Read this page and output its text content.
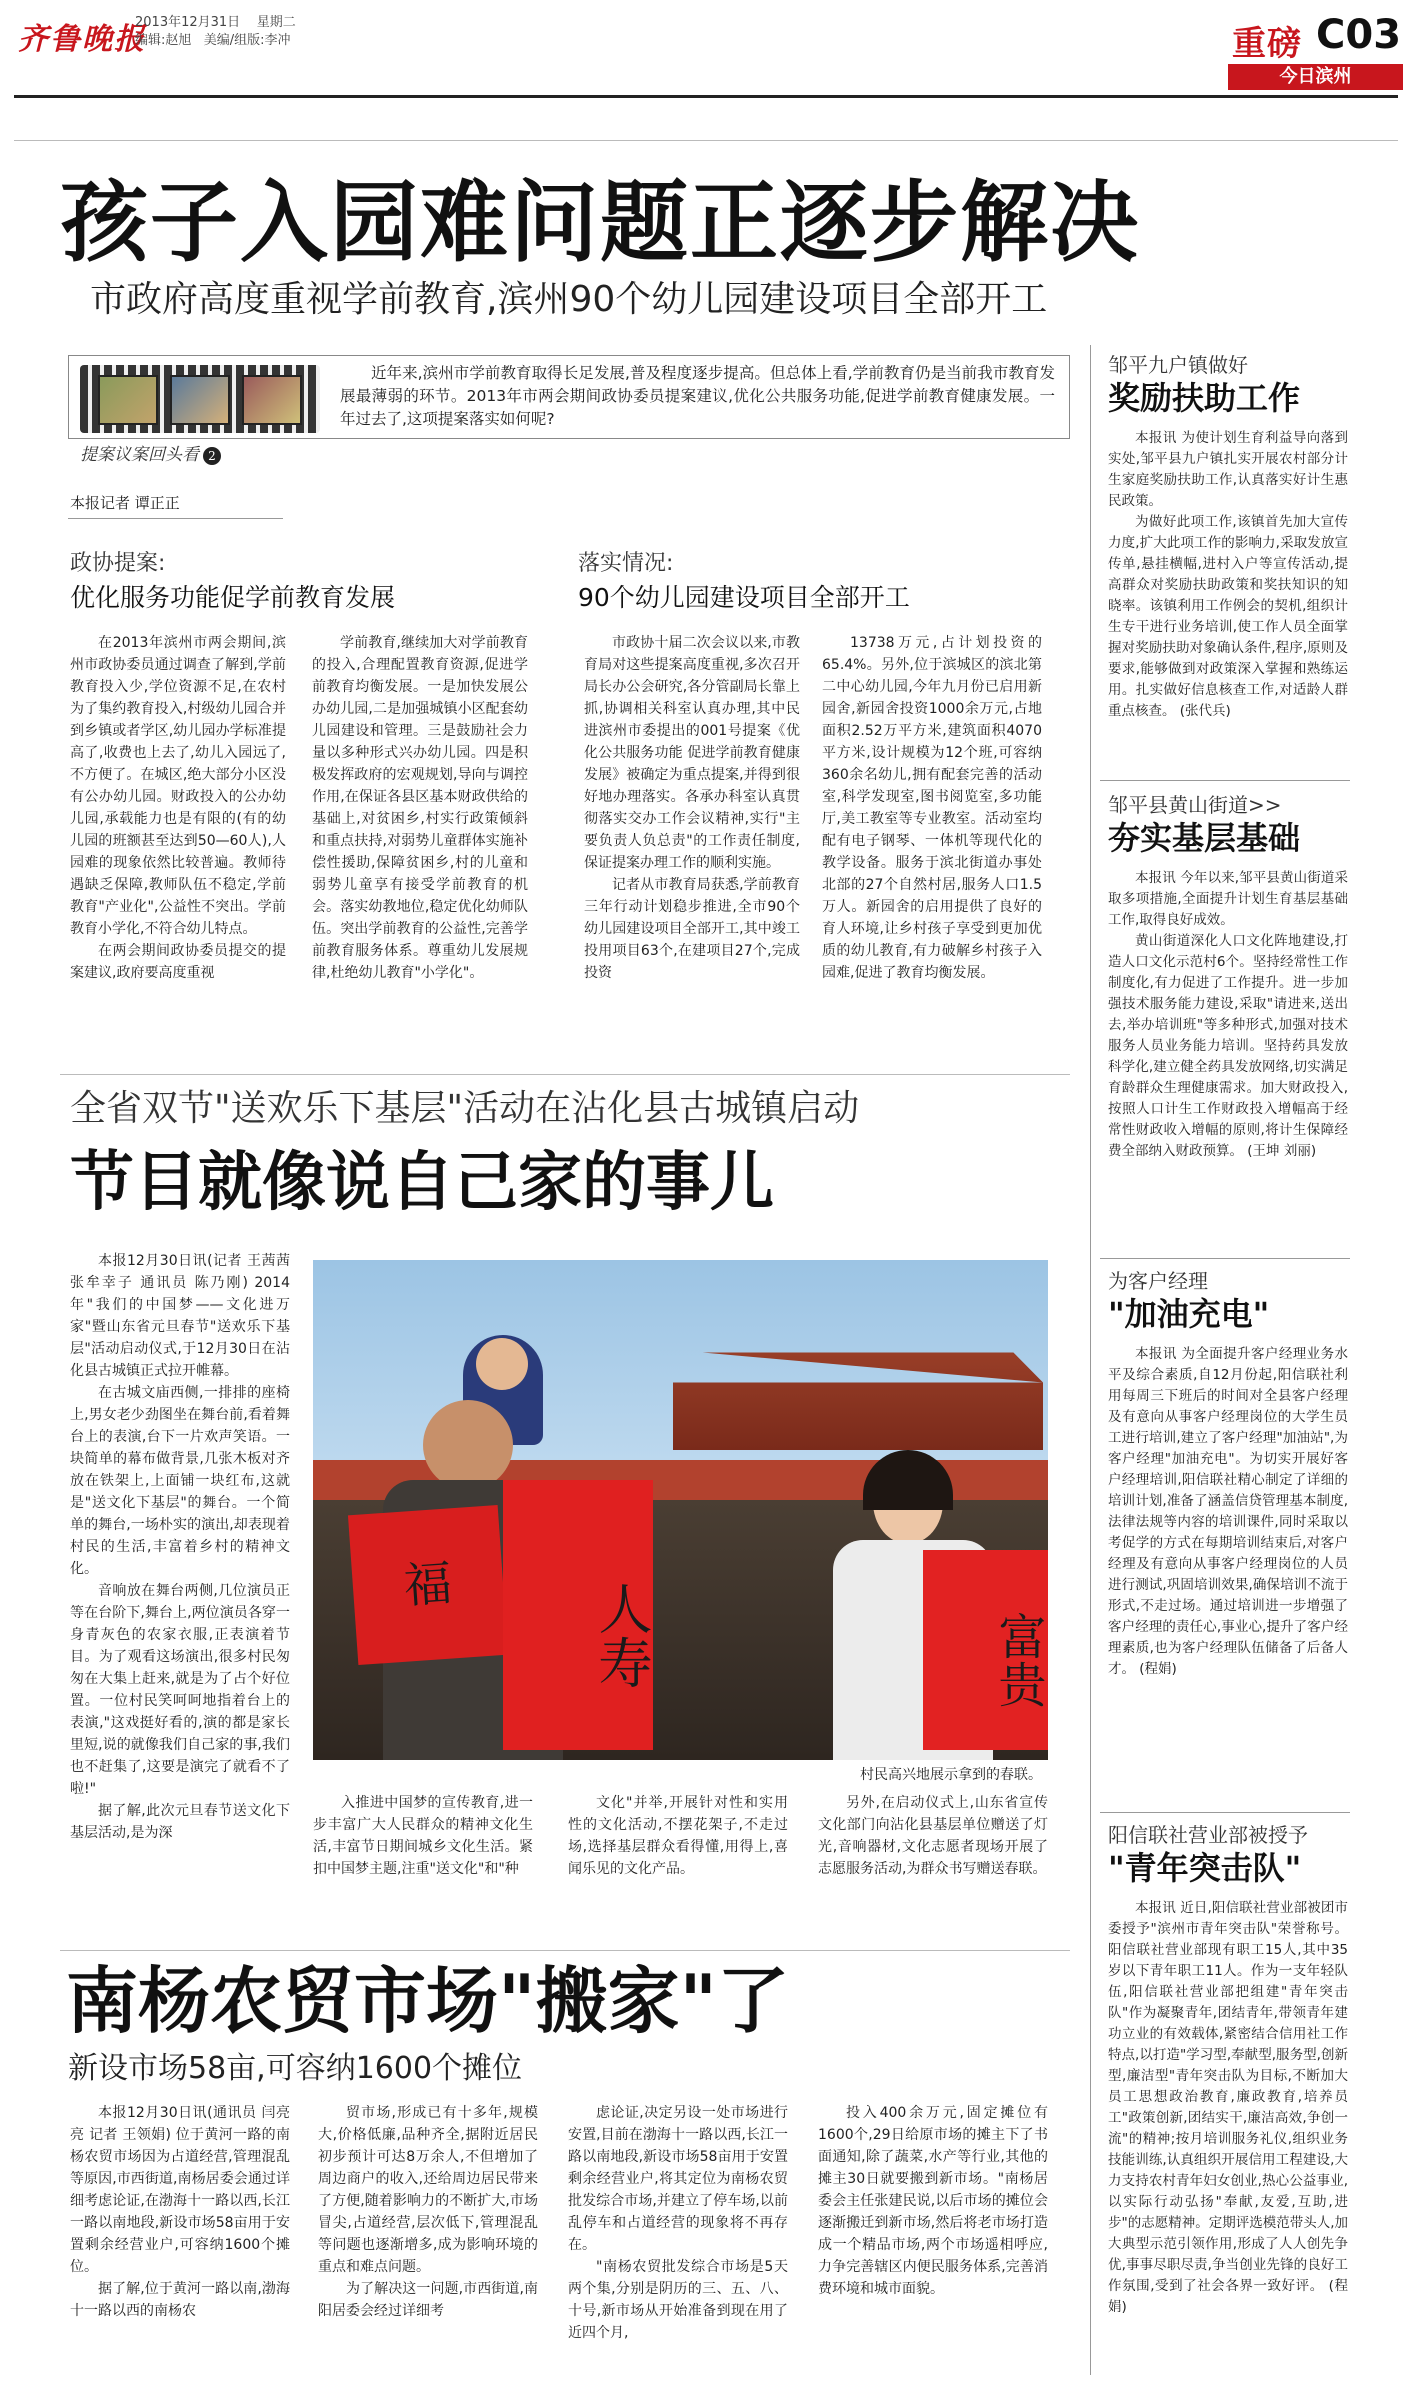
齐鲁晚报
2013年12月31日 星期二
编辑:赵旭 美编/组版:李冲	重磅 C03
今日滨州
孩子入园难问题正逐步解决
市政府高度重视学前教育,滨州90个幼儿园建设项目全部开工
近年来,滨州市学前教育取得长足发展,普及程度逐步提高。但总体上看,学前教育仍是当前我市教育发展最薄弱的环节。2013年市两会期间政协委员提案建议,优化公共服务功能,促进学前教育健康发展。一年过去了,这项提案落实如何呢?
提案议案回头看 2
本报记者 谭正正
政协提案:
优化服务功能促学前教育发展
落实情况:
90个幼儿园建设项目全部开工

在2013年滨州市两会期间,滨州市政协委员通过调查了解到,学前教育投入少,学位资源不足,在农村为了集约教育投入,村级幼儿园合并到乡镇或者学区,幼儿园办学标准提高了,收费也上去了,幼儿入园远了,不方便了。在城区,绝大部分小区没有公办幼儿园。财政投入的公办幼儿园,承载能力也是有限的(有的幼儿园的班额甚至达到50—60人),人园难的现象依然比较普遍。教师待遇缺乏保障,教师队伍不稳定,学前教育"产业化",公益性不突出。学前教育小学化,不符合幼儿特点。

在两会期间政协委员提交的提案建议,政府要高度重视

学前教育,继续加大对学前教育的投入,合理配置教育资源,促进学前教育均衡发展。一是加快发展公办幼儿园,二是加强城镇小区配套幼儿园建设和管理。三是鼓励社会力量以多种形式兴办幼儿园。四是积极发挥政府的宏观规划,导向与调控作用,在保证各县区基本财政供给的基础上,对贫困乡,村实行政策倾斜和重点扶持,对弱势儿童群体实施补偿性援助,保障贫困乡,村的儿童和弱势儿童享有接受学前教育的机会。落实幼教地位,稳定优化幼师队伍。突出学前教育的公益性,完善学前教育服务体系。尊重幼儿发展规律,杜绝幼儿教育"小学化"。

市政协十届二次会议以来,市教育局对这些提案高度重视,多次召开局长办公会研究,各分管副局长靠上抓,协调相关科室认真办理,其中民进滨州市委提出的001号提案《优化公共服务功能 促进学前教育健康发展》被确定为重点提案,并得到很好地办理落实。各承办科室认真贯彻落实交办工作会议精神,实行"主要负责人负总责"的工作责任制度,保证提案办理工作的顺利实施。

记者从市教育局获悉,学前教育三年行动计划稳步推进,全市90个幼儿园建设项目全部开工,其中竣工投用项目63个,在建项目27个,完成投资

13738万元,占计划投资的65.4%。另外,位于滨城区的滨北第二中心幼儿园,今年九月份已启用新园舍,新园舍投资1000余万元,占地面积2.52万平方米,建筑面积4070平方米,设计规模为12个班,可容纳360余名幼儿,拥有配套完善的活动室,科学发现室,图书阅览室,多功能厅,美工教室等专业教室。活动室均配有电子钢琴、一体机等现代化的教学设备。服务于滨北街道办事处北部的27个自然村居,服务人口1.5万人。新园舍的启用提供了良好的育人环境,让乡村孩子享受到更加优质的幼儿教育,有力破解乡村孩子入园难,促进了教育均衡发展。

全省双节"送欢乐下基层"活动在沾化县古城镇启动
节目就像说自己家的事儿

本报12月30日讯(记者 王茜茜 张牟幸子 通讯员 陈乃刚) 2014年"我们的中国梦——文化进万家"暨山东省元旦春节"送欢乐下基层"活动启动仪式,于12月30日在沾化县古城镇正式拉开帷幕。

在古城文庙西侧,一排排的座椅上,男女老少劲图坐在舞台前,看着舞台上的表演,台下一片欢声笑语。一块简单的幕布做背景,几张木板对齐放在铁架上,上面铺一块红布,这就是"送文化下基层"的舞台。一个简单的舞台,一场朴实的演出,却表现着村民的生活,丰富着乡村的精神文化。

音响放在舞台两侧,几位演员正等在台阶下,舞台上,两位演员各穿一身青灰色的农家衣服,正表演着节目。为了观看这场演出,很多村民匆匆在大集上赶来,就是为了占个好位置。一位村民笑呵呵地指着台上的表演,"这戏挺好看的,演的都是家长里短,说的就像我们自己家的事,我们也不赶集了,这要是演完了就看不了啦!"

据了解,此次元旦春节送文化下基层活动,是为深

福	人寿	富贵
村民高兴地展示拿到的春联。

入推进中国梦的宣传教育,进一步丰富广大人民群众的精神文化生活,丰富节日期间城乡文化生活。紧扣中国梦主题,注重"送文化"和"种

文化"并举,开展针对性和实用性的文化活动,不摆花架子,不走过场,选择基层群众看得懂,用得上,喜闻乐见的文化产品。

另外,在启动仪式上,山东省宣传文化部门向沾化县基层单位赠送了灯光,音响器材,文化志愿者现场开展了志愿服务活动,为群众书写赠送春联。

南杨农贸市场"搬家"了
新设市场58亩,可容纳1600个摊位

本报12月30日讯(通讯员 闫亮亮 记者 王领娟) 位于黄河一路的南杨农贸市场因为占道经营,管理混乱等原因,市西街道,南杨居委会通过详细考虑论证,在渤海十一路以西,长江一路以南地段,新设市场58亩用于安置剩余经营业户,可容纳1600个摊位。

据了解,位于黄河一路以南,渤海十一路以西的南杨农

贸市场,形成已有十多年,规模大,价格低廉,品种齐全,据附近居民初步预计可达8万余人,不但增加了周边商户的收入,还给周边居民带来了方便,随着影响力的不断扩大,市场冒尖,占道经营,层次低下,管理混乱等问题也逐渐增多,成为影响环境的重点和难点问题。

为了解决这一问题,市西街道,南阳居委会经过详细考

虑论证,决定另设一处市场进行安置,目前在渤海十一路以西,长江一路以南地段,新设市场58亩用于安置剩余经营业户,将其定位为南杨农贸批发综合市场,并建立了停车场,以前乱停车和占道经营的现象将不再存在。

"南杨农贸批发综合市场是5天两个集,分别是阴历的三、五、八、十号,新市场从开始准备到现在用了近四个月,

投入400余万元,固定摊位有1600个,29日给原市场的摊主下了书面通知,除了蔬菜,水产等行业,其他的摊主30日就要搬到新市场。"南杨居委会主任张建民说,以后市场的摊位会逐渐搬迁到新市场,然后将老市场打造成一个精品市场,两个市场遥相呼应,力争完善辖区内便民服务体系,完善消费环境和城市面貌。

邹平九户镇做好
奖励扶助工作

本报讯 为使计划生育利益导向落到实处,邹平县九户镇扎实开展农村部分计生家庭奖励扶助工作,认真落实好计生惠民政策。

为做好此项工作,该镇首先加大宣传力度,扩大此项工作的影响力,采取发放宣传单,悬挂横幅,进村入户等宣传活动,提高群众对奖励扶助政策和奖扶知识的知晓率。该镇利用工作例会的契机,组织计生专干进行业务培训,使工作人员全面掌握对奖励扶助对象确认条件,程序,原则及要求,能够做到对政策深入掌握和熟练运用。扎实做好信息核查工作,对适龄人群重点核查。 (张代兵)

邹平县黄山街道>>
夯实基层基础

本报讯 今年以来,邹平县黄山街道采取多项措施,全面提升计划生育基层基础工作,取得良好成效。

黄山街道深化人口文化阵地建设,打造人口文化示范村6个。坚持经常性工作制度化,有力促进了工作提升。进一步加强技术服务能力建设,采取"请进来,送出去,举办培训班"等多种形式,加强对技术服务人员业务能力培训。坚持药具发放科学化,建立健全药具发放网络,切实满足育龄群众生理健康需求。加大财政投入,按照人口计生工作财政投入增幅高于经常性财政收入增幅的原则,将计生保障经费全部纳入财政预算。 (王坤 刘丽)

为客户经理
"加油充电"

本报讯 为全面提升客户经理业务水平及综合素质,自12月份起,阳信联社利用每周三下班后的时间对全县客户经理及有意向从事客户经理岗位的大学生员工进行培训,建立了客户经理"加油站",为客户经理"加油充电"。为切实开展好客户经理培训,阳信联社精心制定了详细的培训计划,准备了涵盖信贷管理基本制度,法律法规等内容的培训课件,同时采取以考促学的方式在每期培训结束后,对客户经理及有意向从事客户经理岗位的人员进行测试,巩固培训效果,确保培训不流于形式,不走过场。通过培训进一步增强了客户经理的责任心,事业心,提升了客户经理素质,也为客户经理队伍储备了后备人才。 (程娟)

阳信联社营业部被授予
"青年突击队"

本报讯 近日,阳信联社营业部被团市委授予"滨州市青年突击队"荣誉称号。阳信联社营业部现有职工15人,其中35岁以下青年职工11人。作为一支年轻队伍,阳信联社营业部把组建"青年突击队"作为凝聚青年,团结青年,带领青年建功立业的有效载体,紧密结合信用社工作特点,以打造"学习型,奉献型,服务型,创新型,廉洁型"青年突击队为目标,不断加大员工思想政治教育,廉政教育,培养员工"政策创新,团结实干,廉洁高效,争创一流"的精神;按月培训服务礼仪,组织业务技能训练,认真组织开展信用工程建设,大力支持农村青年妇女创业,热心公益事业,以实际行动弘扬"奉献,友爱,互助,进步"的志愿精神。定期评选模范带头人,加大典型示范引领作用,形成了人人创先争优,事事尽职尽责,争当创业先锋的良好工作氛围,受到了社会各界一致好评。 (程娟)
